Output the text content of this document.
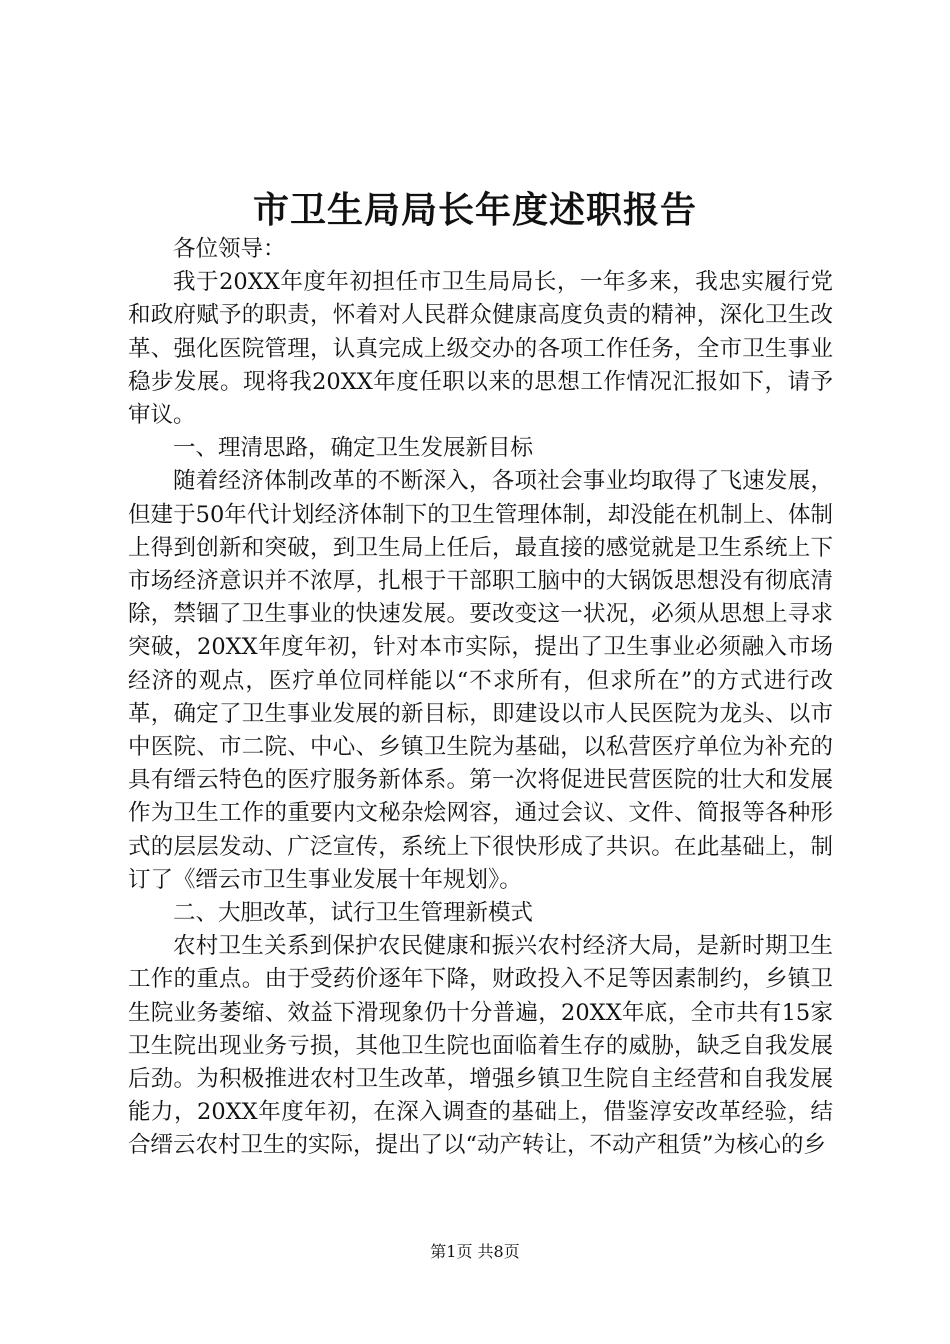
市卫生局局长年度述职报告

各位领导：

我于20XX年度年初担任市卫生局局长，一年多来，我忠实履行党和政府赋予的职责，怀着对人民群众健康高度负责的精神，深化卫生改革、强化医院管理，认真完成上级交办的各项工作任务，全市卫生事业稳步发展。现将我20XX年度任职以来的思想工作情况汇报如下，请予审议。

一、理清思路，确定卫生发展新目标

随着经济体制改革的不断深入，各项社会事业均取得了飞速发展，但建于50年代计划经济体制下的卫生管理体制，却没能在机制上、体制上得到创新和突破，到卫生局上任后，最直接的感觉就是卫生系统上下市场经济意识并不浓厚，扎根于干部职工脑中的大锅饭思想没有彻底清除，禁锢了卫生事业的快速发展。要改变这一状况，必须从思想上寻求突破，20XX年度年初，针对本市实际，提出了卫生事业必须融入市场经济的观点，医疗单位同样能以“不求所有，但求所在”的方式进行改革，确定了卫生事业发展的新目标，即建设以市人民医院为龙头、以市中医院、市二院、中心、乡镇卫生院为基础，以私营医疗单位为补充的具有缙云特色的医疗服务新体系。第一次将促进民营医院的壮大和发展作为卫生工作的重要内文秘杂烩网容，通过会议、文件、简报等各种形式的层层发动、广泛宣传，系统上下很快形成了共识。在此基础上，制订了《缙云市卫生事业发展十年规划》。

二、大胆改革，试行卫生管理新模式

农村卫生关系到保护农民健康和振兴农村经济大局，是新时期卫生工作的重点。由于受药价逐年下降，财政投入不足等因素制约，乡镇卫生院业务萎缩、效益下滑现象仍十分普遍，20XX年底，全市共有15家卫生院出现业务亏损，其他卫生院也面临着生存的威胁，缺乏自我发展后劲。为积极推进农村卫生改革，增强乡镇卫生院自主经营和自我发展能力，20XX年度年初，在深入调查的基础上，借鉴淳安改革经验，结合缙云农村卫生的实际，提出了以“动产转让，不动产租赁”为核心的乡

第1页 共8页
